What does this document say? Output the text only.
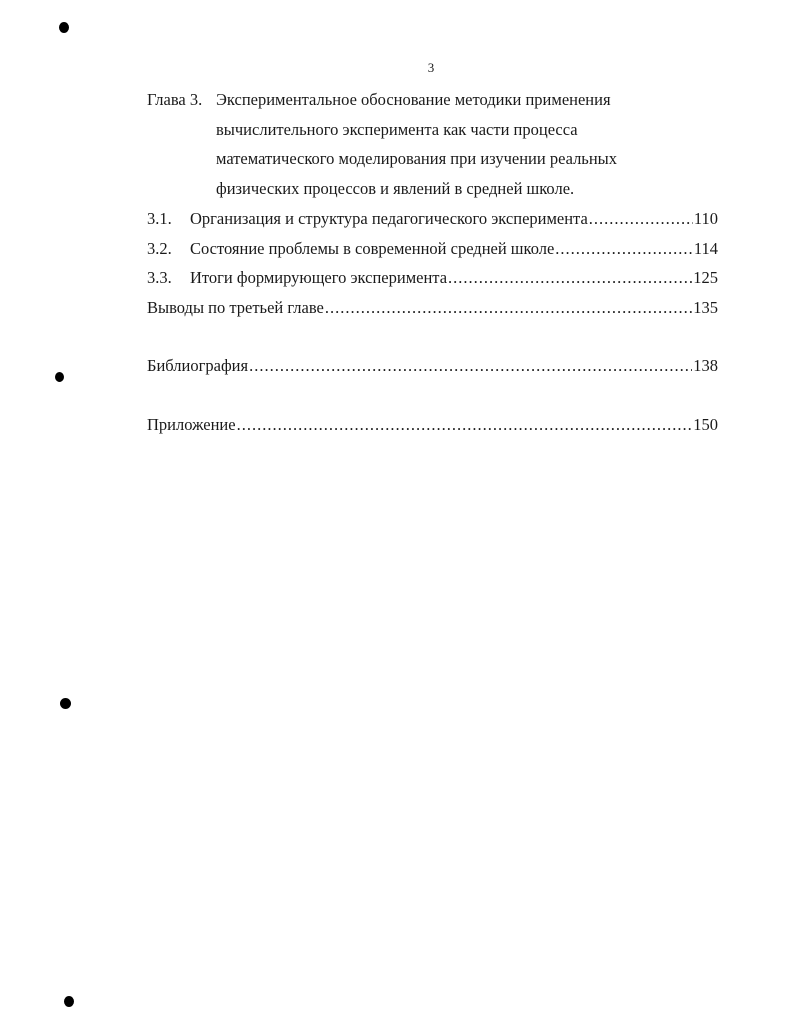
3
Глава 3. Экспериментальное обоснование методики применения
вычислительного эксперимента как части процесса
математического моделирования при изучении реальных
физических процессов и явлений в средней школе.
3.1.	Организация и структура педагогического эксперимента .....	110
3.2.	Состояние проблемы в современной средней школе .....	114
3.3.	Итоги формирующего эксперимента .....	125
Выводы по третьей главе .....	135
Библиография .....	138
Приложение .....	150
